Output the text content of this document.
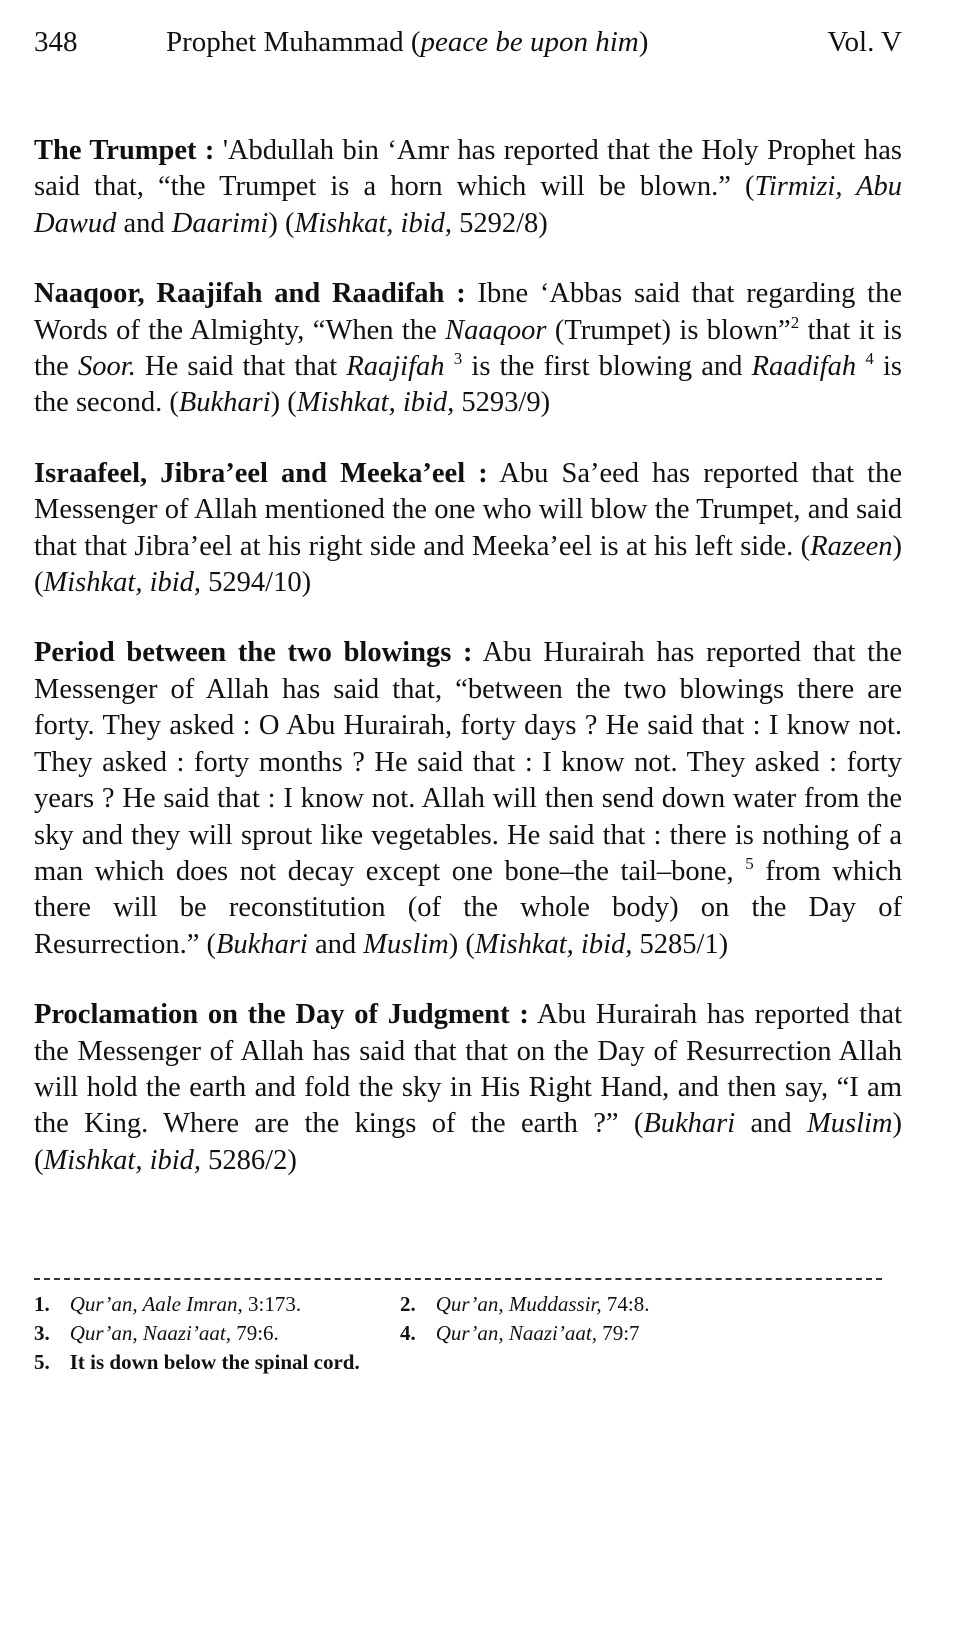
348	Prophet Muhammad (peace be upon him)	Vol. V

The Trumpet : 'Abdullah bin ‘Amr has reported that the Holy Prophet has said that, “the Trumpet is a horn which will be blown.” (Tirmizi, Abu Dawud and Daarimi) (Mishkat, ibid, 5292/8)

Naaqoor, Raajifah and Raadifah : Ibne ‘Abbas said that regarding the Words of the Almighty, “When the Naaqoor (Trumpet) is blown”$^2$ that it is the Soor. He said that that Raajifah $^3$ is the first blowing and Raadifah $^4$ is the second. (Bukhari) (Mishkat, ibid, 5293/9)

Israafeel, Jibra’eel and Meeka’eel : Abu Sa’eed has reported that the Messenger of Allah mentioned the one who will blow the Trumpet, and said that that Jibra’eel at his right side and Meeka’eel is at his left side. (Razeen) (Mishkat, ibid, 5294/10)

Period between the two blowings : Abu Hurairah has reported that the Messenger of Allah has said that, “between the two blowings there are forty. They asked : O Abu Hurairah, forty days ? He said that : I know not. They asked : forty months ? He said that : I know not. They asked : forty years ? He said that : I know not. Allah will then send down water from the sky and they will sprout like vegetables. He said that : there is nothing of a man which does not decay except one bone–the tail–bone, $^5$ from which there will be reconstitution (of the whole body) on the Day of Resurrection.” (Bukhari and Muslim) (Mishkat, ibid, 5285/1)

Proclamation on the Day of Judgment : Abu Hurairah has reported that the Messenger of Allah has said that that on the Day of Resurrection Allah will hold the earth and fold the sky in His Right Hand, and then say, “I am the King. Where are the kings of the earth ?” (Bukhari and Muslim) (Mishkat, ibid, 5286/2)

1. Qur’an, Aale Imran, 3:173.	2. Qur’an, Muddassir, 74:8.
3. Qur’an, Naazi’aat, 79:6.	4. Qur’an, Naazi’aat, 79:7
5. It is down below the spinal cord.
